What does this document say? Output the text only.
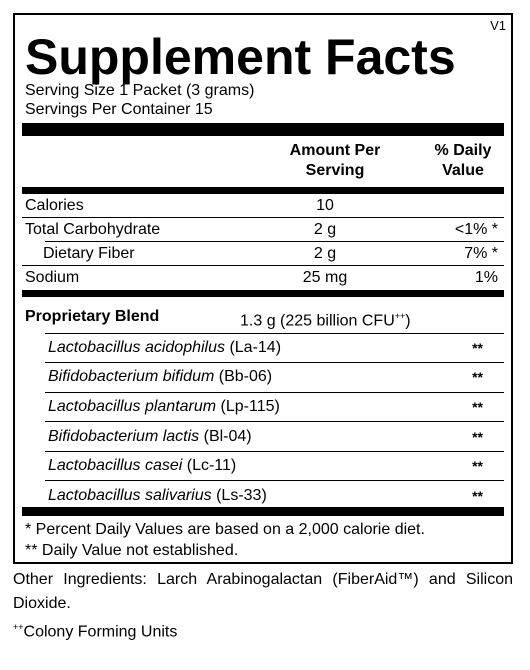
V1
Supplement Facts
Serving Size 1 Packet (3 grams)
Servings Per Container 15
Amount Per
Serving
% Daily
Value
Calories	10
Total Carbohydrate	2 g	<1% *
Dietary Fiber	2 g	7% *
Sodium	25 mg	1%
Proprietary Blend	1.3 g (225 billion CFU++)
Lactobacillus acidophilus (La-14)	**
Bifidobacterium bifidum (Bb-06)	**
Lactobacillus plantarum (Lp-115)	**
Bifidobacterium lactis (Bl-04)	**
Lactobacillus casei (Lc-11)	**
Lactobacillus salivarius (Ls-33)	**
* Percent Daily Values are based on a 2,000 calorie diet.
** Daily Value not established.
Other Ingredients: Larch Arabinogalactan (FiberAid™) and Silicon Dioxide.
++Colony Forming Units
